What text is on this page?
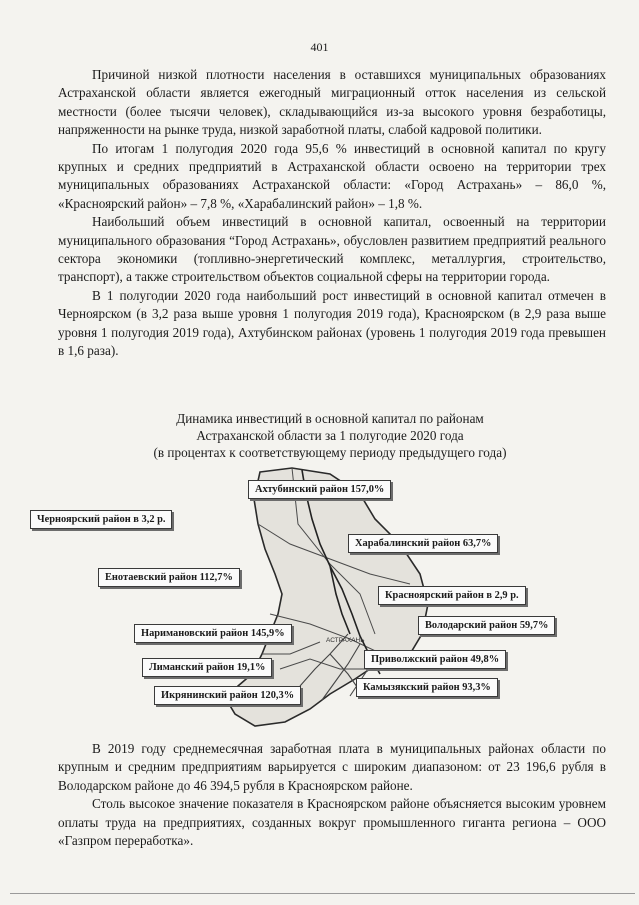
401

Причиной низкой плотности населения в оставшихся муниципальных образованиях Астраханской области является ежегодный миграционный отток населения из сельской местности (более тысячи человек), складывающийся из-за высокого уровня безработицы, напряженности на рынке труда, низкой заработной платы, слабой кадровой политики.

По итогам 1 полугодия 2020 года 95,6 % инвестиций в основной капитал по кругу крупных и средних предприятий в Астраханской области освоено на территории трех муниципальных образованиях Астраханской области: «Город Астрахань» – 86,0 %, «Красноярский район» – 7,8 %, «Харабалинский район» – 1,8 %.

Наибольший объем инвестиций в основной капитал, освоенный на территории муниципального образования “Город Астрахань», обусловлен развитием предприятий реального сектора экономики (топливно-энергетический комплекс, металлургия, строительство, транспорт), а также строительством объектов социальной сферы на территории города.

В 1 полугодии 2020 года наибольший рост инвестиций в основной капитал отмечен в Черноярском (в 3,2 раза выше уровня 1 полугодия 2019 года), Красноярском (в 2,9 раза выше уровня 1 полугодия 2019 года), Ахтубинском районах (уровень 1 полугодия 2019 года превышен в 1,6 раза).

Динамика инвестиций в основной капитал по районам
Астраханской области за 1 полугодие 2020 года
(в процентах к соответствующему периоду предыдущего года)
АСТРАХАНЬ
Ахтубинский район 157,0%
Черноярский район в 3,2 р.
Харабалинский район 63,7%
Енотаевский район 112,7%
Красноярский район в 2,9 р.
Володарский район 59,7%
Наримановский район 145,9%
Приволжский район 49,8%
Лиманский район 19,1%
Камызякский район 93,3%
Икрянинский район 120,3%

В 2019 году среднемесячная заработная плата в муниципальных районах области по крупным и средним предприятиям варьируется с широким диапазоном: от 23 196,6 рубля в Володарском районе до 46 394,5 рубля в Красноярском районе.

Столь высокое значение показателя в Красноярском районе объясняется высоким уровнем оплаты труда на предприятиях, созданных вокруг промышленного гиганта региона – ООО «Газпром переработка».
